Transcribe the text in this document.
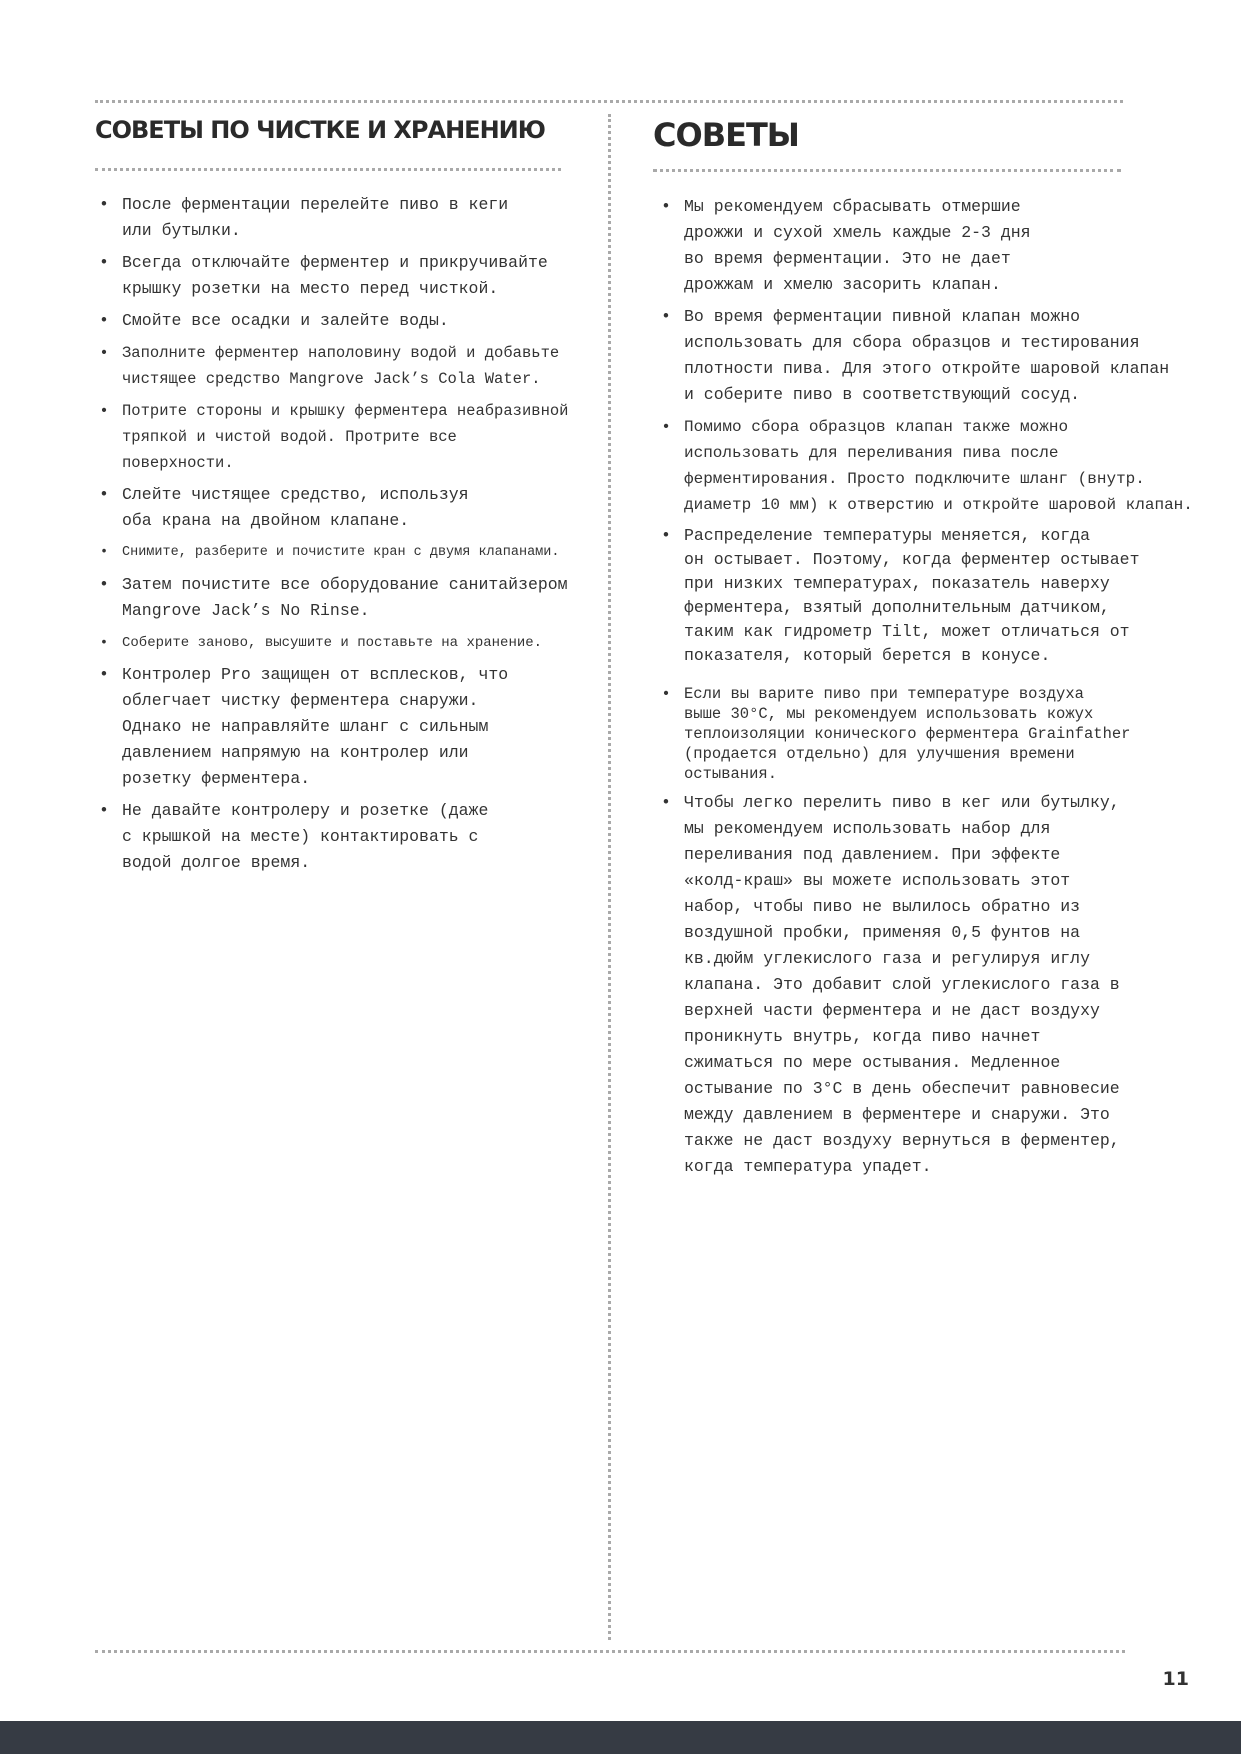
СОВЕТЫ ПО ЧИСТКЕ И ХРАНЕНИЮ
• После ферментации перелейте пиво в кеги
или бутылки.
• Всегда отключайте ферментер и прикручивайте
крышку розетки на место перед чисткой.
• Смойте все осадки и залейте воды.
• Заполните ферментер наполовину водой и добавьте
чистящее средство Mangrove Jack’s Cola Water.
• Потрите стороны и крышку ферментера неабразивной
тряпкой и чистой водой. Протрите все
поверхности.
• Слейте чистящее средство, используя
оба крана на двойном клапане.
•	Снимите, разберите и почистите кран с двумя клапанами.
• Затем почистите все оборудование санитайзером
Mangrove Jack’s No Rinse.
• Соберите заново, высушите и поставьте на хранение.
• Контролер Pro защищен от всплесков, что
облегчает чистку ферментера снаружи.
Однако не направляйте шланг с сильным
давлением напрямую на контролер или
розетку ферментера.
• Не давайте контролеру и розетке (даже
с крышкой на месте) контактировать с
водой долгое время.
СОВЕТЫ
• Мы рекомендуем сбрасывать отмершие
дрожжи и сухой хмель каждые 2-3 дня
во время ферментации. Это не дает
дрожжам и хмелю засорить клапан.
• Во время ферментации пивной клапан можно
использовать для сбора образцов и тестирования
плотности пива. Для этого откройте шаровой клапан
и соберите пиво в соответствующий сосуд.
• Помимо сбора образцов клапан также можно
использовать для переливания пива после
ферментирования. Просто подключите шланг (внутр.
диаметр 10 мм) к отверстию и откройте шаровой клапан.
• Распределение температуры меняется, когда
он остывает. Поэтому, когда ферментер остывает
при низких температурах, показатель наверху
ферментера, взятый дополнительным датчиком,
таким как гидрометр Tilt, может отличаться от
показателя, который берется в конусе.
• Если вы варите пиво при температуре воздуха
выше 30°C, мы рекомендуем использовать кожух
теплоизоляции конического ферментера Grainfather
(продается отдельно) для улучшения времени
остывания.
• Чтобы легко перелить пиво в кег или бутылку,
мы рекомендуем использовать набор для
переливания под давлением. При эффекте
«колд-краш» вы можете использовать этот
набор, чтобы пиво не вылилось обратно из
воздушной пробки, применяя 0,5 фунтов на
кв.дюйм углекислого газа и регулируя иглу
клапана. Это добавит слой углекислого газа в
верхней части ферментера и не даст воздуху
проникнуть внутрь, когда пиво начнет
сжиматься по мере остывания. Медленное
остывание по 3°C в день обеспечит равновесие
между давлением в ферментере и снаружи. Это
также не даст воздуху вернуться в ферментер,
когда температура упадет.
11
